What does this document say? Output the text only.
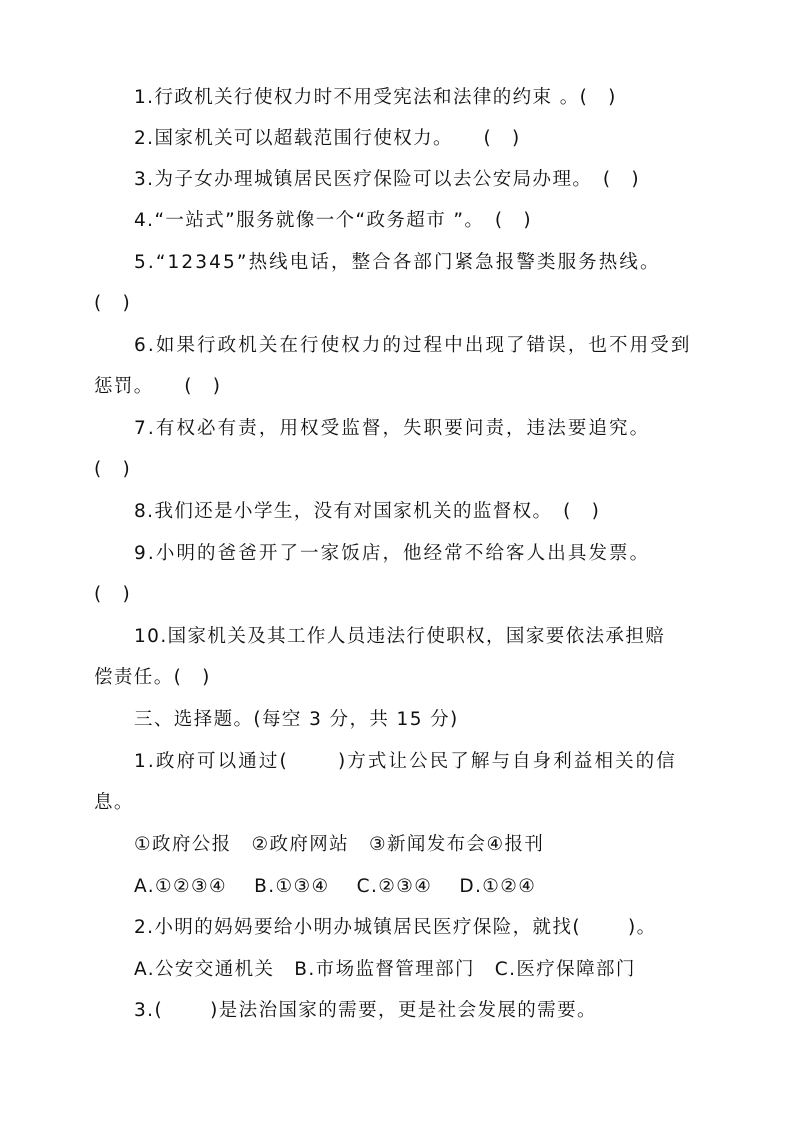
1.行政机关行使权力时不用受宪法和法律的约束 。(　)
2.国家机关可以超载范围行使权力。　　(　)
3.为子女办理城镇居民医疗保险可以去公安局办理。　(　)
4.“一站式”服务就像一个“政务超市 ”。　(　)
5.“12345”热线电话，整合各部门紧急报警类服务热线。
(　)
6.如果行政机关在行使权力的过程中出现了错误，也不用受到
惩罚。　　(　)
7.有权必有责，用权受监督，失职要问责，违法要追究。
(　)
8.我们还是小学生，没有对国家机关的监督权。　(　)
9.小明的爸爸开了一家饭店，他经常不给客人出具发票。
(　)
10.国家机关及其工作人员违法行使职权，国家要依法承担赔
偿责任。(　)
三、选择题。(每空 3 分，共 15 分)
1.政府可以通过(　　 )方式让公民了解与自身利益相关的信
息。
①政府公报　②政府网站　③新闻发布会④报刊
A.①②③④　 B.①③④　 C.②③④　 D.①②④
2.小明的妈妈要给小明办城镇居民医疗保险，就找(　　 )。
A.公安交通机关　B.市场监督管理部门　C.医疗保障部门
3.(　　 )是法治国家的需要，更是社会发展的需要。
